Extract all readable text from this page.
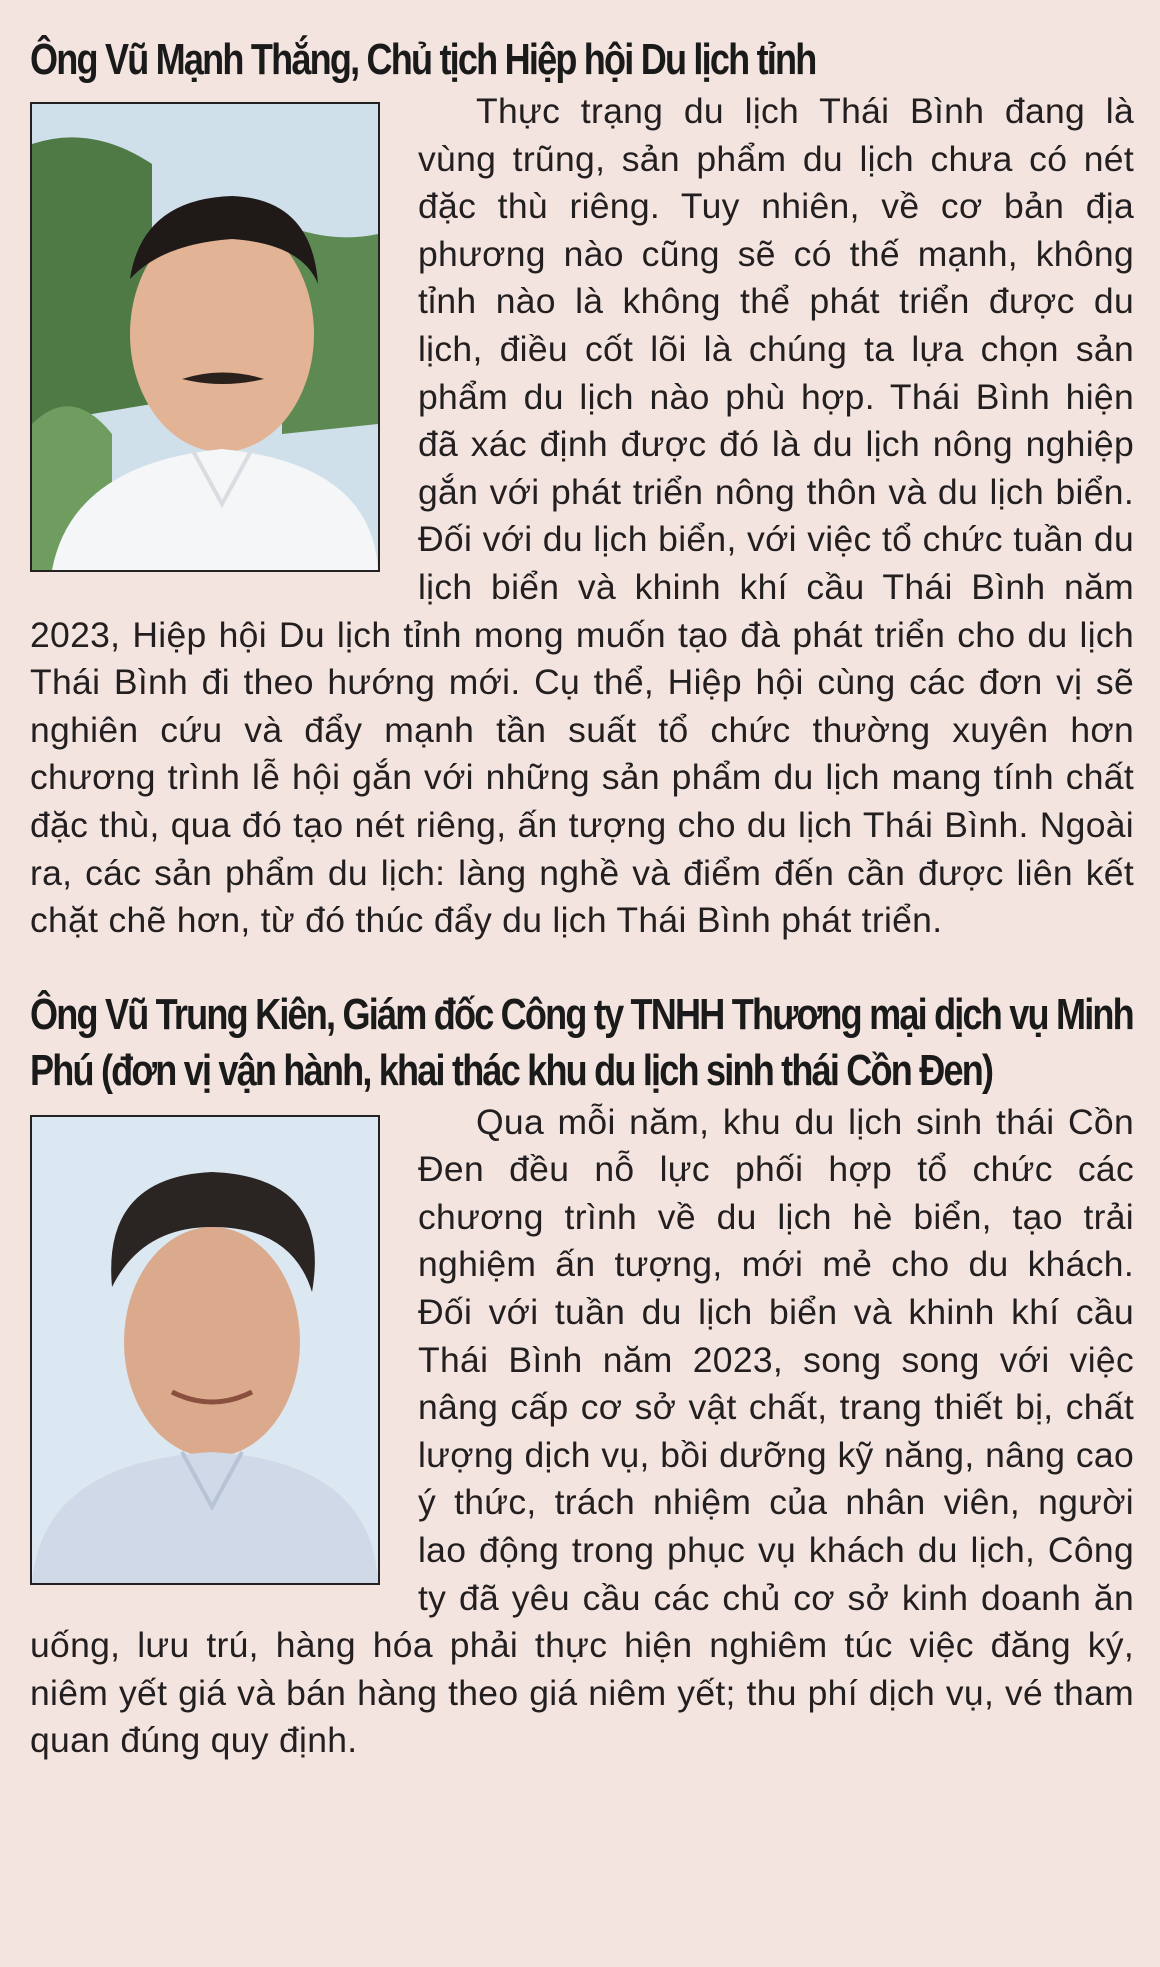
Ông Vũ Mạnh Thắng, Chủ tịch Hiệp hội Du lịch tỉnh

Thực trạng du lịch Thái Bình đang là vùng trũng, sản phẩm du lịch chưa có nét đặc thù riêng. Tuy nhiên, về cơ bản địa phương nào cũng sẽ có thế mạnh, không tỉnh nào là không thể phát triển được du lịch, điều cốt lõi là chúng ta lựa chọn sản phẩm du lịch nào phù hợp. Thái Bình hiện đã xác định được đó là du lịch nông nghiệp gắn với phát triển nông thôn và du lịch biển. Đối với du lịch biển, với việc tổ chức tuần du lịch biển và khinh khí cầu Thái Bình năm 2023, Hiệp hội Du lịch tỉnh mong muốn tạo đà phát triển cho du lịch Thái Bình đi theo hướng mới. Cụ thể, Hiệp hội cùng các đơn vị sẽ nghiên cứu và đẩy mạnh tần suất tổ chức thường xuyên hơn chương trình lễ hội gắn với những sản phẩm du lịch mang tính chất đặc thù, qua đó tạo nét riêng, ấn tượng cho du lịch Thái Bình. Ngoài ra, các sản phẩm du lịch: làng nghề và điểm đến cần được liên kết chặt chẽ hơn, từ đó thúc đẩy du lịch Thái Bình phát triển.

Ông Vũ Trung Kiên, Giám đốc Công ty TNHH Thương mại dịch vụ Minh Phú (đơn vị vận hành, khai thác khu du lịch sinh thái Cồn Đen)

Qua mỗi năm, khu du lịch sinh thái Cồn Đen đều nỗ lực phối hợp tổ chức các chương trình về du lịch hè biển, tạo trải nghiệm ấn tượng, mới mẻ cho du khách. Đối với tuần du lịch biển và khinh khí cầu Thái Bình năm 2023, song song với việc nâng cấp cơ sở vật chất, trang thiết bị, chất lượng dịch vụ, bồi dưỡng kỹ năng, nâng cao ý thức, trách nhiệm của nhân viên, người lao động trong phục vụ khách du lịch, Công ty đã yêu cầu các chủ cơ sở kinh doanh ăn uống, lưu trú, hàng hóa phải thực hiện nghiêm túc việc đăng ký, niêm yết giá và bán hàng theo giá niêm yết; thu phí dịch vụ, vé tham quan đúng quy định.
